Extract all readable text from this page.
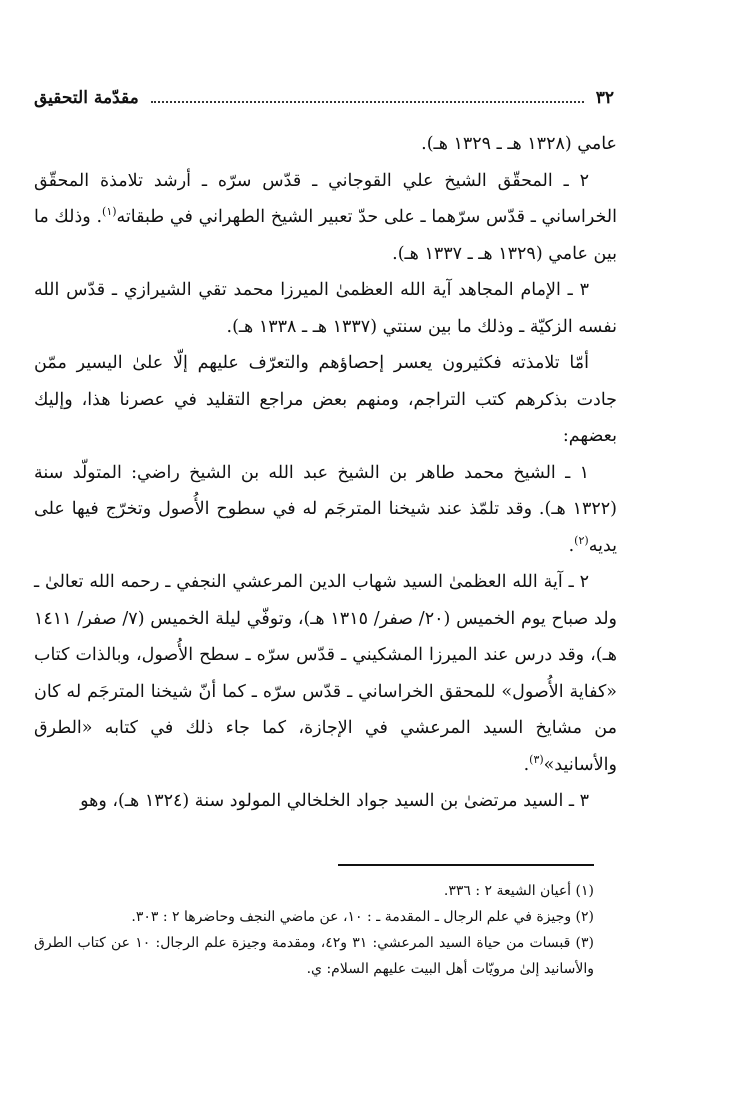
٣٢
مقدّمة التحقيق

عامي (١٣٢٨ هـ ـ ١٣٢٩ هـ).

٢ ـ المحقّق الشيخ علي القوجاني ـ قدّس سرّه ـ أرشد تلامذة المحقّق الخراساني ـ قدّس سرّهما ـ على حدّ تعبير الشيخ الطهراني في طبقاته$^{(١)}$. وذلك ما بين عامي (١٣٢٩ هـ ـ ١٣٣٧ هـ).

٣ ـ الإمام المجاهد آية الله العظمىٰ الميرزا محمد تقي الشيرازي ـ قدّس الله نفسه الزكيّة ـ وذلك ما بين سنتي (١٣٣٧ هـ ـ ١٣٣٨ هـ).

أمّا تلامذته فكثيرون يعسر إحصاؤهم والتعرّف عليهم إلّا علىٰ اليسير ممّن جادت بذكرهم كتب التراجم، ومنهم بعض مراجع التقليد في عصرنا هذا، وإليك بعضهم:

١ ـ الشيخ محمد طاهر بن الشيخ عبد الله بن الشيخ راضي: المتولّد سنة (١٣٢٢ هـ). وقد تلمّذ عند شيخنا المترجَم له في سطوح الأُصول وتخرّج فيها على يديه$^{(٢)}$.

٢ ـ آية الله العظمىٰ السيد شهاب الدين المرعشي النجفي ـ رحمه الله تعالىٰ ـ ولد صباح يوم الخميس (٢٠/ صفر/ ١٣١٥ هـ)، وتوفّي ليلة الخميس (٧/ صفر/ ١٤١١ هـ)، وقد درس عند الميرزا المشكيني ـ قدّس سرّه ـ سطح الأُصول، وبالذات كتاب «كفاية الأُصول» للمحقق الخراساني ـ قدّس سرّه ـ كما أنّ شيخنا المترجَم له كان من مشايخ السيد المرعشي في الإجازة، كما جاء ذلك في كتابه «الطرق والأسانيد»$^{(٣)}$.

٣ ـ السيد مرتضىٰ بن السيد جواد الخلخالي المولود سنة (١٣٢٤ هـ)، وهو

(١) أعيان الشيعة ٢ : ٣٣٦.

(٢) وجيزة في علم الرجال ـ المقدمة ـ : ١٠، عن ماضي النجف وحاضرها ٢ : ٣٠٣.

(٣) قبسات من حياة السيد المرعشي: ٣١ و٤٢، ومقدمة وجيزة علم الرجال: ١٠ عن كتاب الطرق والأسانيد إلىٰ مرويّات أهل البيت عليهم السلام: ي.
